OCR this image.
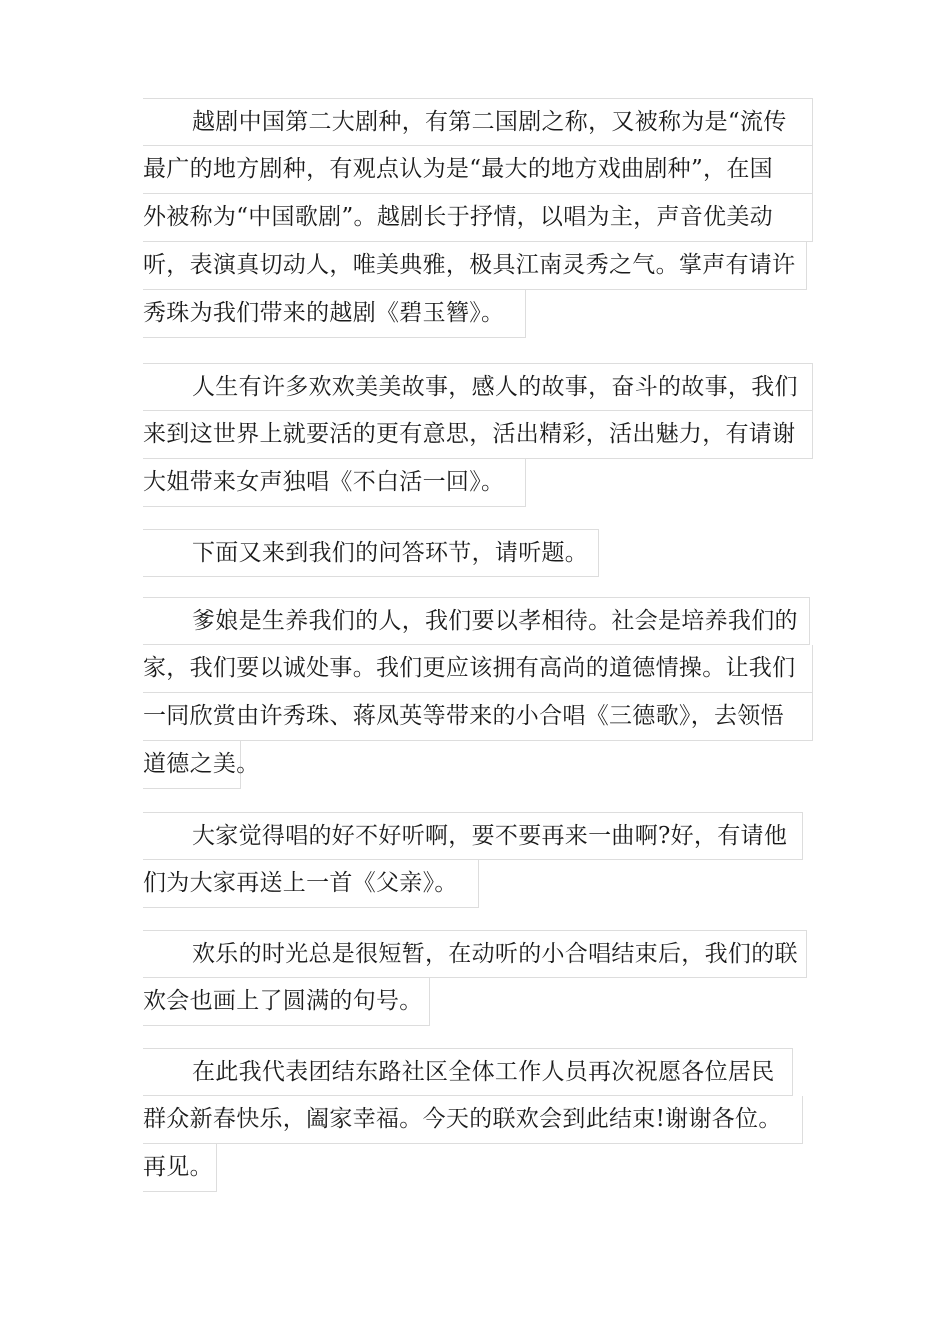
越剧中国第二大剧种，有第二国剧之称，又被称为是“流传
最广的地方剧种，有观点认为是“最大的地方戏曲剧种”，在国
外被称为“中国歌剧”。越剧长于抒情，以唱为主，声音优美动
听，表演真切动人，唯美典雅，极具江南灵秀之气。掌声有请许
秀珠为我们带来的越剧《碧玉簪》。
人生有许多欢欢美美故事，感人的故事，奋斗的故事，我们
来到这世界上就要活的更有意思，活出精彩，活出魅力，有请谢
大姐带来女声独唱《不白活一回》。
下面又来到我们的问答环节，请听题。
爹娘是生养我们的人，我们要以孝相待。社会是培养我们的
家，我们要以诚处事。我们更应该拥有高尚的道德情操。让我们
一同欣赏由许秀珠、蒋凤英等带来的小合唱《三德歌》，去领悟
道德之美。
大家觉得唱的好不好听啊，要不要再来一曲啊?好，有请他
们为大家再送上一首《父亲》。
欢乐的时光总是很短暂，在动听的小合唱结束后，我们的联
欢会也画上了圆满的句号。
在此我代表团结东路社区全体工作人员再次祝愿各位居民
群众新春快乐，阖家幸福。今天的联欢会到此结束!谢谢各位。
再见。
